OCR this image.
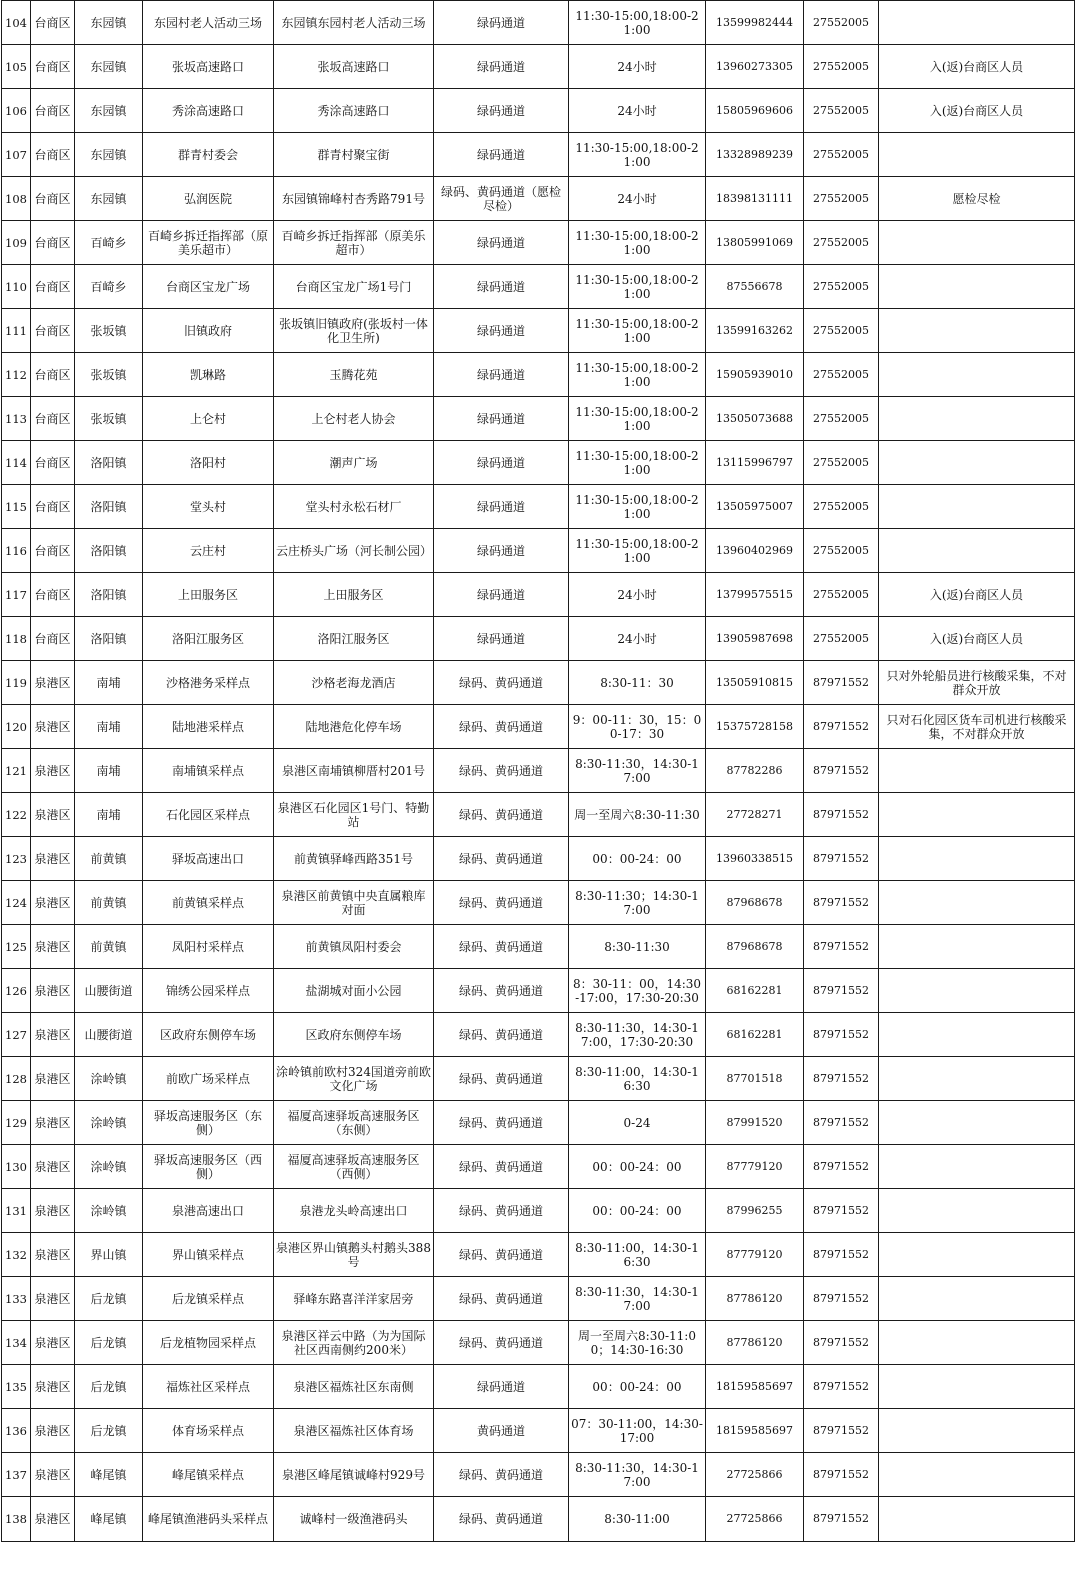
104	台商区	东园镇	东园村老人活动三场	东园镇东园村老人活动三场	绿码通道	11:30-15:00,18:00-21:00	13599982444	27552005	
105	台商区	东园镇	张坂高速路口	张坂高速路口	绿码通道	24小时	13960273305	27552005	入(返)台商区人员
106	台商区	东园镇	秀涂高速路口	秀涂高速路口	绿码通道	24小时	15805969606	27552005	入(返)台商区人员
107	台商区	东园镇	群青村委会	群青村聚宝街	绿码通道	11:30-15:00,18:00-21:00	13328989239	27552005	
108	台商区	东园镇	弘润医院	东园镇锦峰村杏秀路791号	绿码、黄码通道（愿检尽检）	24小时	18398131111	27552005	愿检尽检
109	台商区	百崎乡	百崎乡拆迁指挥部（原美乐超市）	百崎乡拆迁指挥部（原美乐超市）	绿码通道	11:30-15:00,18:00-21:00	13805991069	27552005	
110	台商区	百崎乡	台商区宝龙广场	台商区宝龙广场1号门	绿码通道	11:30-15:00,18:00-21:00	87556678	27552005	
111	台商区	张坂镇	旧镇政府	张坂镇旧镇政府(张坂村一体化卫生所)	绿码通道	11:30-15:00,18:00-21:00	13599163262	27552005	
112	台商区	张坂镇	凯琳路	玉腾花苑	绿码通道	11:30-15:00,18:00-21:00	15905939010	27552005	
113	台商区	张坂镇	上仑村	上仑村老人协会	绿码通道	11:30-15:00,18:00-21:00	13505073688	27552005	
114	台商区	洛阳镇	洛阳村	潮声广场	绿码通道	11:30-15:00,18:00-21:00	13115996797	27552005	
115	台商区	洛阳镇	堂头村	堂头村永松石材厂	绿码通道	11:30-15:00,18:00-21:00	13505975007	27552005	
116	台商区	洛阳镇	云庄村	云庄桥头广场（河长制公园）	绿码通道	11:30-15:00,18:00-21:00	13960402969	27552005	
117	台商区	洛阳镇	上田服务区	上田服务区	绿码通道	24小时	13799575515	27552005	入(返)台商区人员
118	台商区	洛阳镇	洛阳江服务区	洛阳江服务区	绿码通道	24小时	13905987698	27552005	入(返)台商区人员
119	泉港区	南埔	沙格港务采样点	沙格老海龙酒店	绿码、黄码通道	8:30-11：30	13505910815	87971552	只对外轮船员进行核酸采集，不对群众开放
120	泉港区	南埔	陆地港采样点	陆地港危化停车场	绿码、黄码通道	9：00-11：30，15：00-17：30	15375728158	87971552	只对石化园区货车司机进行核酸采集，不对群众开放
121	泉港区	南埔	南埔镇采样点	泉港区南埔镇柳厝村201号	绿码、黄码通道	8:30-11:30，14:30-17:00	87782286	87971552	
122	泉港区	南埔	石化园区采样点	泉港区石化园区1号门、特勤站	绿码、黄码通道	周一至周六8:30-11:30	27728271	87971552	
123	泉港区	前黄镇	驿坂高速出口	前黄镇驿峰西路351号	绿码、黄码通道	00：00-24：00	13960338515	87971552	
124	泉港区	前黄镇	前黄镇采样点	泉港区前黄镇中央直属粮库对面	绿码、黄码通道	8:30-11:30；14:30-17:00	87968678	87971552	
125	泉港区	前黄镇	凤阳村采样点	前黄镇凤阳村委会	绿码、黄码通道	8:30-11:30	87968678	87971552	
126	泉港区	山腰街道	锦绣公园采样点	盐湖城对面小公园	绿码、黄码通道	8：30-11：00，14:30-17:00，17:30-20:30	68162281	87971552	
127	泉港区	山腰街道	区政府东侧停车场	区政府东侧停车场	绿码、黄码通道	8:30-11:30，14:30-17:00，17:30-20:30	68162281	87971552	
128	泉港区	涂岭镇	前欧广场采样点	涂岭镇前欧村324国道旁前欧文化广场	绿码、黄码通道	8:30-11:00，14:30-16:30	87701518	87971552	
129	泉港区	涂岭镇	驿坂高速服务区（东侧）	福厦高速驿坂高速服务区（东侧）	绿码、黄码通道	0-24	87991520	87971552	
130	泉港区	涂岭镇	驿坂高速服务区（西侧）	福厦高速驿坂高速服务区（西侧）	绿码、黄码通道	00：00-24：00	87779120	87971552	
131	泉港区	涂岭镇	泉港高速出口	泉港龙头岭高速出口	绿码、黄码通道	00：00-24：00	87996255	87971552	
132	泉港区	界山镇	界山镇采样点	泉港区界山镇鹅头村鹅头388号	绿码、黄码通道	8:30-11:00，14:30-16:30	87779120	87971552	
133	泉港区	后龙镇	后龙镇采样点	驿峰东路喜洋洋家居旁	绿码、黄码通道	8:30-11:30，14:30-17:00	87786120	87971552	
134	泉港区	后龙镇	后龙植物园采样点	泉港区祥云中路（为为国际社区西南侧约200米）	绿码、黄码通道	周一至周六8:30-11:00；14:30-16:30	87786120	87971552	
135	泉港区	后龙镇	福炼社区采样点	泉港区福炼社区东南侧	绿码通道	00：00-24：00	18159585697	87971552	
136	泉港区	后龙镇	体育场采样点	泉港区福炼社区体育场	黄码通道	07：30-11:00，14:30-17:00	18159585697	87971552	
137	泉港区	峰尾镇	峰尾镇采样点	泉港区峰尾镇诚峰村929号	绿码、黄码通道	8:30-11:30，14:30-17:00	27725866	87971552	
138	泉港区	峰尾镇	峰尾镇渔港码头采样点	诚峰村一级渔港码头	绿码、黄码通道	8:30-11:00	27725866	87971552	
